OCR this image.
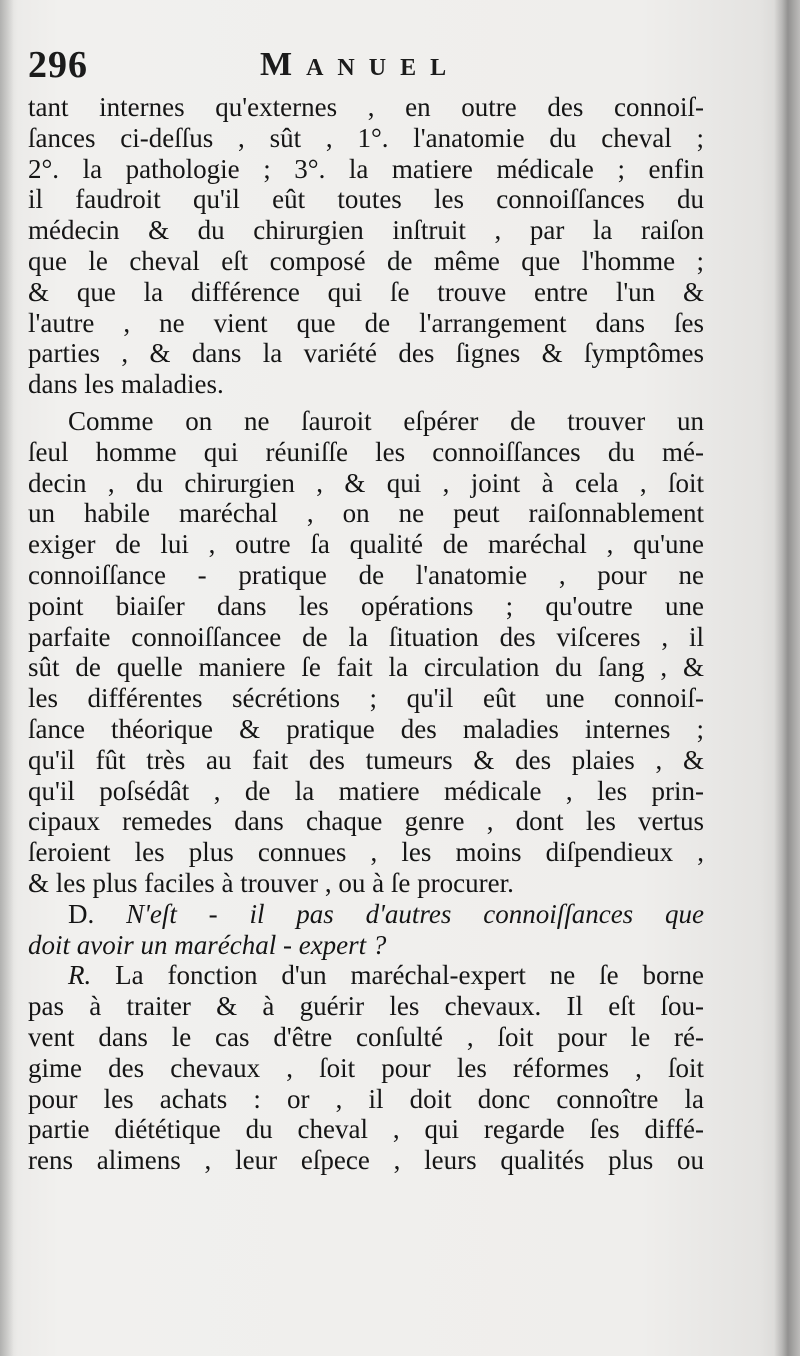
296	Manuel
tant internes qu'externes , en outre des connoiſ-
ſances ci-deſſus , sût , 1°. l'anatomie du cheval ;
2°. la pathologie ; 3°. la matiere médicale ; enfin
il faudroit qu'il eût toutes les connoiſſances du
médecin & du chirurgien inſtruit , par la raiſon
que le cheval eſt composé de même que l'homme ;
& que la différence qui ſe trouve entre l'un &
l'autre , ne vient que de l'arrangement dans ſes
parties , & dans la variété des ſignes & ſymptômes
dans les maladies.
Comme on ne ſauroit eſpérer de trouver un
ſeul homme qui réuniſſe les connoiſſances du mé-
decin , du chirurgien , & qui , joint à cela , ſoit
un habile maréchal , on ne peut raiſonnablement
exiger de lui , outre ſa qualité de maréchal , qu'une
connoiſſance - pratique de l'anatomie , pour ne
point biaiſer dans les opérations ; qu'outre une
parfaite connoiſſancee de la ſituation des viſceres , il
sût de quelle maniere ſe fait la circulation du ſang , &
les différentes sécrétions ; qu'il eût une connoiſ-
ſance théorique & pratique des maladies internes ;
qu'il fût très au fait des tumeurs & des plaies , &
qu'il poſsédât , de la matiere médicale , les prin-
cipaux remedes dans chaque genre , dont les vertus
ſeroient les plus connues , les moins diſpendieux ,
& les plus faciles à trouver , ou à ſe procurer.
D. N'eſt - il pas d'autres connoiſſances que
doit avoir un maréchal - expert ?
R. La fonction d'un maréchal-expert ne ſe borne
pas à traiter & à guérir les chevaux. Il eſt ſou-
vent dans le cas d'être conſulté , ſoit pour le ré-
gime des chevaux , ſoit pour les réformes , ſoit
pour les achats : or , il doit donc connoître la
partie diététique du cheval , qui regarde ſes diffé-
rens alimens , leur eſpece , leurs qualités plus ou
